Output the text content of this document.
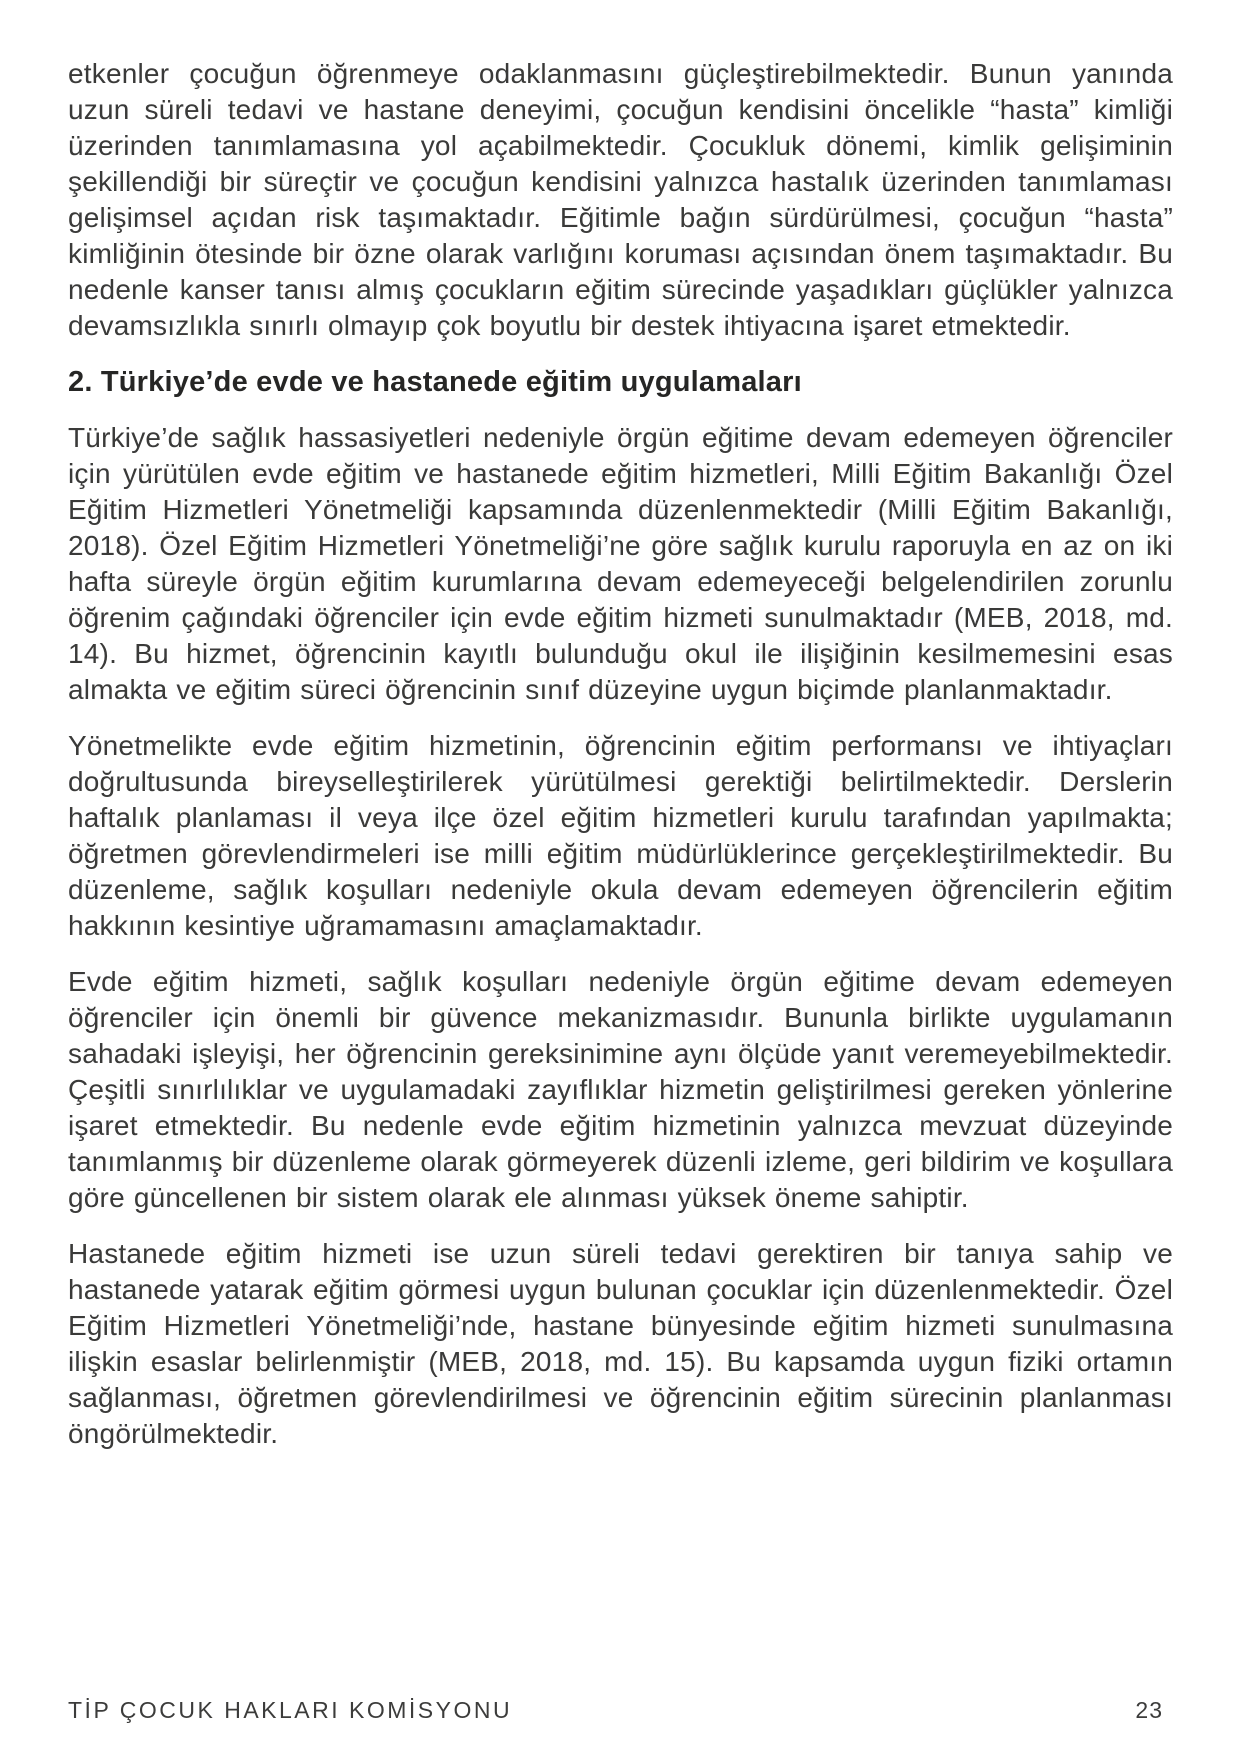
etkenler çocuğun öğrenmeye odaklanmasını güçleştirebilmektedir. Bunun yanında uzun süreli tedavi ve hastane deneyimi, çocuğun kendisini öncelikle “hasta” kimliği üzerinden tanımlamasına yol açabilmektedir. Çocukluk dönemi, kimlik gelişiminin şekillendiği bir süreçtir ve çocuğun kendisini yalnızca hastalık üzerinden tanımlaması gelişimsel açıdan risk taşımaktadır. Eğitimle bağın sürdürülmesi, çocuğun “hasta” kimliğinin ötesinde bir özne olarak varlığını koruması açısından önem taşımaktadır. Bu nedenle kanser tanısı almış çocukların eğitim sürecinde yaşadıkları güçlükler yalnızca devamsızlıkla sınırlı olmayıp çok boyutlu bir destek ihtiyacına işaret etmektedir.

2. Türkiye’de evde ve hastanede eğitim uygulamaları

Türkiye’de sağlık hassasiyetleri nedeniyle örgün eğitime devam edemeyen öğrenciler için yürütülen evde eğitim ve hastanede eğitim hizmetleri, Milli Eğitim Bakanlığı Özel Eğitim Hizmetleri Yönetmeliği kapsamında düzenlenmektedir (Milli Eğitim Bakanlığı, 2018). Özel Eğitim Hizmetleri Yönetmeliği’ne göre sağlık kurulu raporuyla en az on iki hafta süreyle örgün eğitim kurumlarına devam edemeyeceği belgelendirilen zorunlu öğrenim çağındaki öğrenciler için evde eğitim hizmeti sunulmaktadır (MEB, 2018, md. 14). Bu hizmet, öğrencinin kayıtlı bulunduğu okul ile ilişiğinin kesilmemesini esas almakta ve eğitim süreci öğrencinin sınıf düzeyine uygun biçimde planlanmaktadır.

Yönetmelikte evde eğitim hizmetinin, öğrencinin eğitim performansı ve ihtiyaçları doğrultusunda bireyselleştirilerek yürütülmesi gerektiği belirtilmektedir. Derslerin haftalık planlaması il veya ilçe özel eğitim hizmetleri kurulu tarafından yapılmakta; öğretmen görevlendirmeleri ise milli eğitim müdürlüklerince gerçekleştirilmektedir. Bu düzenleme, sağlık koşulları nedeniyle okula devam edemeyen öğrencilerin eğitim hakkının kesintiye uğramamasını amaçlamaktadır.

Evde eğitim hizmeti, sağlık koşulları nedeniyle örgün eğitime devam edemeyen öğrenciler için önemli bir güvence mekanizmasıdır. Bununla birlikte uygulamanın sahadaki işleyişi, her öğrencinin gereksinimine aynı ölçüde yanıt veremeyebilmektedir. Çeşitli sınırlılıklar ve uygulamadaki zayıflıklar hizmetin geliştirilmesi gereken yönlerine işaret etmektedir. Bu nedenle evde eğitim hizmetinin yalnızca mevzuat düzeyinde tanımlanmış bir düzenleme olarak görmeyerek düzenli izleme, geri bildirim ve koşullara göre güncellenen bir sistem olarak ele alınması yüksek öneme sahiptir.

Hastanede eğitim hizmeti ise uzun süreli tedavi gerektiren bir tanıya sahip ve hastanede yatarak eğitim görmesi uygun bulunan çocuklar için düzenlenmektedir. Özel Eğitim Hizmetleri Yönetmeliği’nde, hastane bünyesinde eğitim hizmeti sunulmasına ilişkin esaslar belirlenmiştir (MEB, 2018, md. 15). Bu kapsamda uygun fiziki ortamın sağlanması, öğretmen görevlendirilmesi ve öğrencinin eğitim sürecinin planlanması öngörülmektedir.

TİP ÇOCUK HAKLARI KOMİSYONU	23
